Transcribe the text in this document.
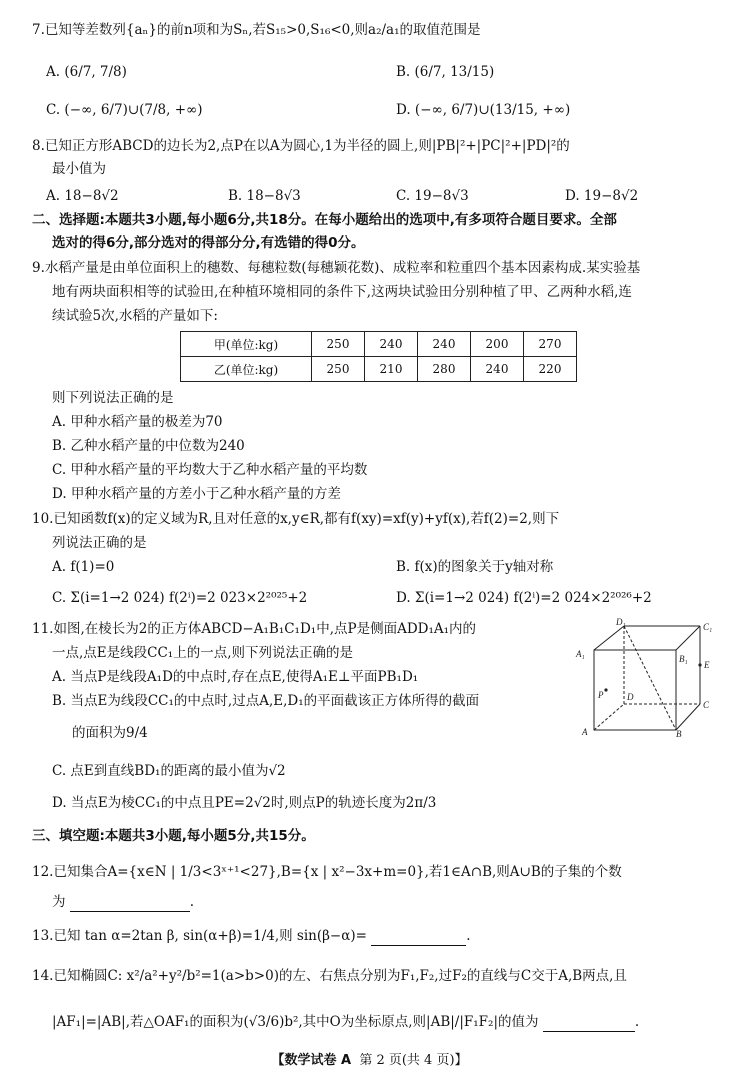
7.已知等差数列{aₙ}的前n项和为Sₙ,若S₁₅>0,S₁₆<0,则a₂/a₁的取值范围是
A. (6/7, 7/8)	B. (6/7, 13/15)
C. (−∞, 6/7)∪(7/8, +∞)	D. (−∞, 6/7)∪(13/15, +∞)
8.已知正方形ABCD的边长为2,点P在以A为圆心,1为半径的圆上,则|PB|²+|PC|²+|PD|²的
最小值为
A. 18−8√2	B. 18−8√3	C. 19−8√3	D. 19−8√2
二、选择题:本题共3小题,每小题6分,共18分。在每小题给出的选项中,有多项符合题目要求。全部
选对的得6分,部分选对的得部分分,有选错的得0分。
9.水稻产量是由单位面积上的穗数、每穗粒数(每穗颖花数)、成粒率和粒重四个基本因素构成.某实验基
地有两块面积相等的试验田,在种植环境相同的条件下,这两块试验田分别种植了甲、乙两种水稻,连
续试验5次,水稻的产量如下:
甲(单位:kg)	250	240	240	200	270
乙(单位:kg)	250	210	280	240	220
则下列说法正确的是
A. 甲种水稻产量的极差为70
B. 乙种水稻产量的中位数为240
C. 甲种水稻产量的平均数大于乙种水稻产量的平均数
D. 甲种水稻产量的方差小于乙种水稻产量的方差
10.已知函数f(x)的定义域为R,且对任意的x,y∈R,都有f(xy)=xf(y)+yf(x),若f(2)=2,则下
列说法正确的是
A. f(1)=0	B. f(x)的图象关于y轴对称
C. Σ(i=1→2 024) f(2ⁱ)=2 023×2²⁰²⁵+2	D. Σ(i=1→2 024) f(2ⁱ)=2 024×2²⁰²⁶+2
11.如图,在棱长为2的正方体ABCD−A₁B₁C₁D₁中,点P是侧面ADD₁A₁内的
一点,点E是线段CC₁上的一点,则下列说法正确的是
A. 当点P是线段A₁D的中点时,存在点E,使得A₁E⊥平面PB₁D₁
B. 当点E为线段CC₁的中点时,过点A,E,D₁的平面截该正方体所得的截面
的面积为9/4
C. 点E到直线BD₁的距离的最小值为√2
D. 当点E为棱CC₁的中点且PE=2√2时,则点P的轨迹长度为2π/3
D₁	C₁
A₁	B₁
E
P	D
C
A	B
三、填空题:本题共3小题,每小题5分,共15分。
12.已知集合A={x∈N | 1/3<3ˣ⁺¹<27},B={x | x²−3x+m=0},若1∈A∩B,则A∪B的子集的个数
为	.
13.已知 tan α=2tan β, sin(α+β)=1/4,则 sin(β−α)=	.
14.已知椭圆C: x²/a²+y²/b²=1(a>b>0)的左、右焦点分别为F₁,F₂,过F₂的直线与C交于A,B两点,且
|AF₁|=|AB|,若△OAF₁的面积为(√3/6)b²,其中O为坐标原点,则|AB|/|F₁F₂|的值为	.
【数学试卷 A 第 2 页(共 4 页)】
